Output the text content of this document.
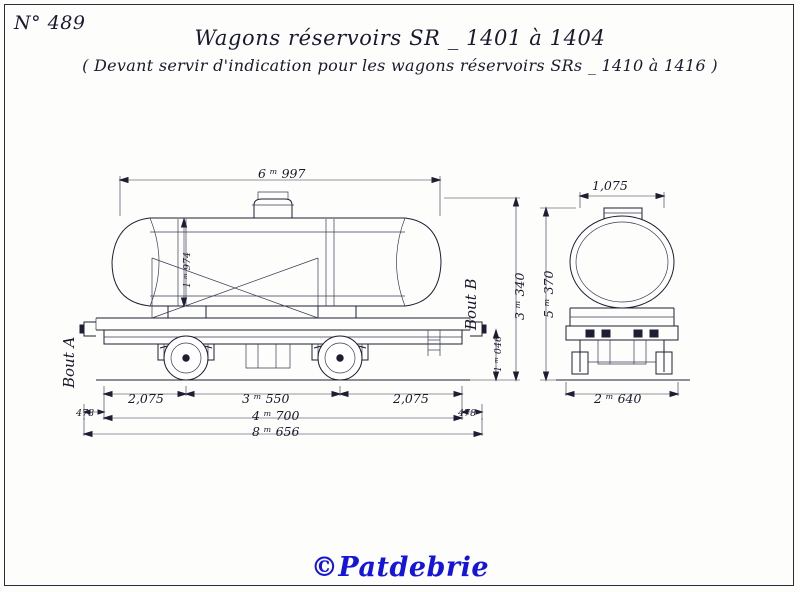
N° 489
Wagons réservoirs SR _ 1401 à 1404
( Devant servir d'indication pour les wagons réservoirs SRs _ 1410 à 1416 )
6 ᵐ 997
1 ᵐ 974
3 ᵐ 340
1 ᵐ 046
2,075	3 ᵐ 550	2,075
478	478
4 ᵐ 700
8 ᵐ 656
Bout A
Bout B
1,075
5 ᵐ 370
2 ᵐ 640
©Patdebrie
